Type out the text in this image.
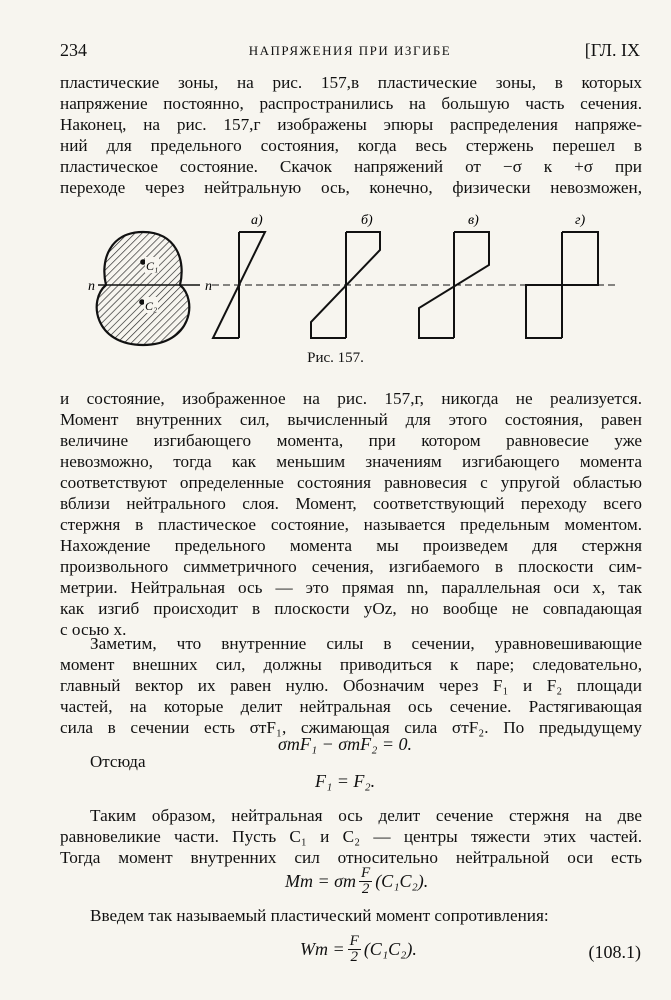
234	НАПРЯЖЕНИЯ ПРИ ИЗГИБЕ	[ГЛ. IX
пластические зоны, на рис. 157,в пластические зоны, в которых
напряжение постоянно, распространились на большую часть сечения.
Наконец, на рис. 157,г изображены эпюры распределения напряже-
ний для предельного состояния, когда весь стержень перешел в
пластическое состояние. Скачок напряжений от −σ к +σ при
переходе через нейтральную ось, конечно, физически невозможен,
C₁
C₂
n	n
а)	б)	в)	г)
Рис. 157.
и состояние, изображенное на рис. 157,г, никогда не реализуется.
Момент внутренних сил, вычисленный для этого состояния, равен
величине изгибающего момента, при котором равновесие уже
невозможно, тогда как меньшим значениям изгибающего момента
соответствуют определенные состояния равновесия с упругой областью
вблизи нейтрального слоя. Момент, соответствующий переходу всего
стержня в пластическое состояние, называется предельным моментом.
Нахождение предельного момента мы произведем для стержня
произвольного симметричного сечения, изгибаемого в плоскости сим-
метрии. Нейтральная ось — это прямая nn, параллельная оси x, так
как изгиб происходит в плоскости yOz, но вообще не совпадающая
с осью x.
Заметим, что внутренние силы в сечении, уравновешивающие
момент внешних сил, должны приводиться к паре; следовательно,
главный вектор их равен нулю. Обозначим через F₁ и F₂ площади
частей, на которые делит нейтральная ось сечение. Растягивающая
сила в сечении есть σтF₁, сжимающая сила σтF₂. По предыдущему
σтF₁ − σтF₂ = 0.
Отсюда
F₁ = F₂.
Таким образом, нейтральная ось делит сечение стержня на две
равновеликие части. Пусть C₁ и C₂ — центры тяжести этих частей.
Тогда момент внутренних сил относительно нейтральной оси есть
Mт = σт $\frac{F}{2} (C_1C_2)$.
Введем так называемый пластический момент сопротивления:
Wт = $\frac{F}{2} (C_1C_2)$.	(108.1)
